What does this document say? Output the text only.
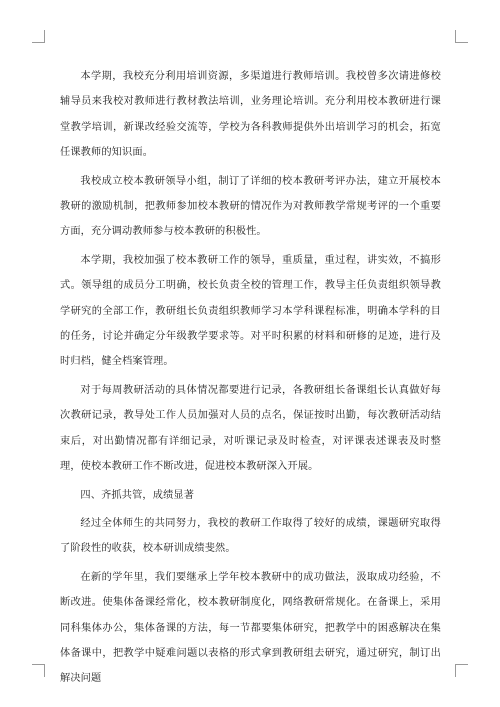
本学期，我校充分利用培训资源，多渠道进行教师培训。我校曾多次请进修校辅导员来我校对教师进行教材教法培训，业务理论培训。充分利用校本教研进行课堂教学培训，新课改经验交流等，学校为各科教师提供外出培训学习的机会，拓宽任课教师的知识面。

我校成立校本教研领导小组，制订了详细的校本教研考评办法，建立开展校本教研的激励机制，把教师参加校本教研的情况作为对教师教学常规考评的一个重要方面，充分调动教师参与校本教研的积极性。

本学期，我校加强了校本教研工作的领导，重质量，重过程，讲实效，不搞形式。领导组的成员分工明确，校长负责全校的管理工作，教导主任负责组织领导教学研究的全部工作，教研组长负责组织教师学习本学科课程标准，明确本学科的目的任务，讨论并确定分年级教学要求等。对平时积累的材料和研修的足迹，进行及时归档，健全档案管理。

对于每周教研活动的具体情况都要进行记录，各教研组长备课组长认真做好每次教研记录，教导处工作人员加强对人员的点名，保证按时出勤，每次教研活动结束后，对出勤情况都有详细记录，对听课记录及时检查，对评课表述课表及时整理，使校本教研工作不断改进，促进校本教研深入开展。

四、齐抓共管，成绩显著

经过全体师生的共同努力，我校的教研工作取得了较好的成绩，课题研究取得了阶段性的收获，校本研训成绩斐然。

在新的学年里，我们要继承上学年校本教研中的成功做法，汲取成功经验，不断改进。使集体备课经常化，校本教研制度化，网络教研常规化。在备课上，采用同科集体办公，集体备课的方法，每一节都要集体研究，把教学中的困惑解决在集体备课中，把教学中疑难问题以表格的形式拿到教研组去研究，通过研究，制订出解决问题
